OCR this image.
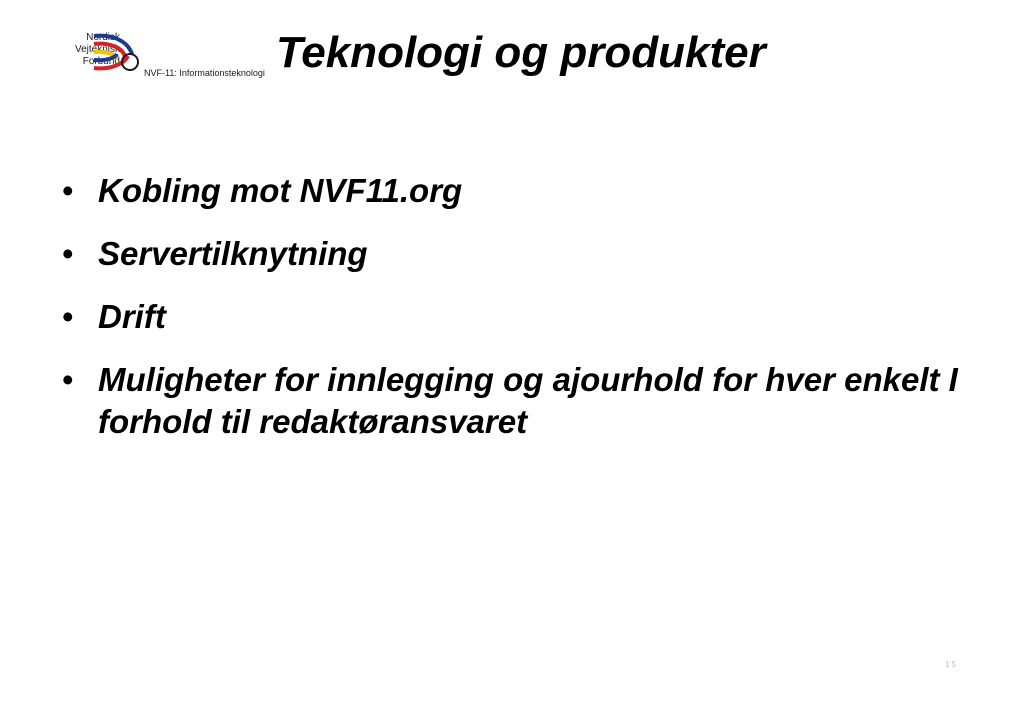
Nordisk
Vejteknisk
Forbund
NVF-11: Informationsteknologi Teknologi og produkter
• Kobling mot NVF11.org
• Servertilknytning
• Drift
• Muligheter for innlegging og ajourhold for hver enkelt I forhold til redaktøransvaret
1 5
